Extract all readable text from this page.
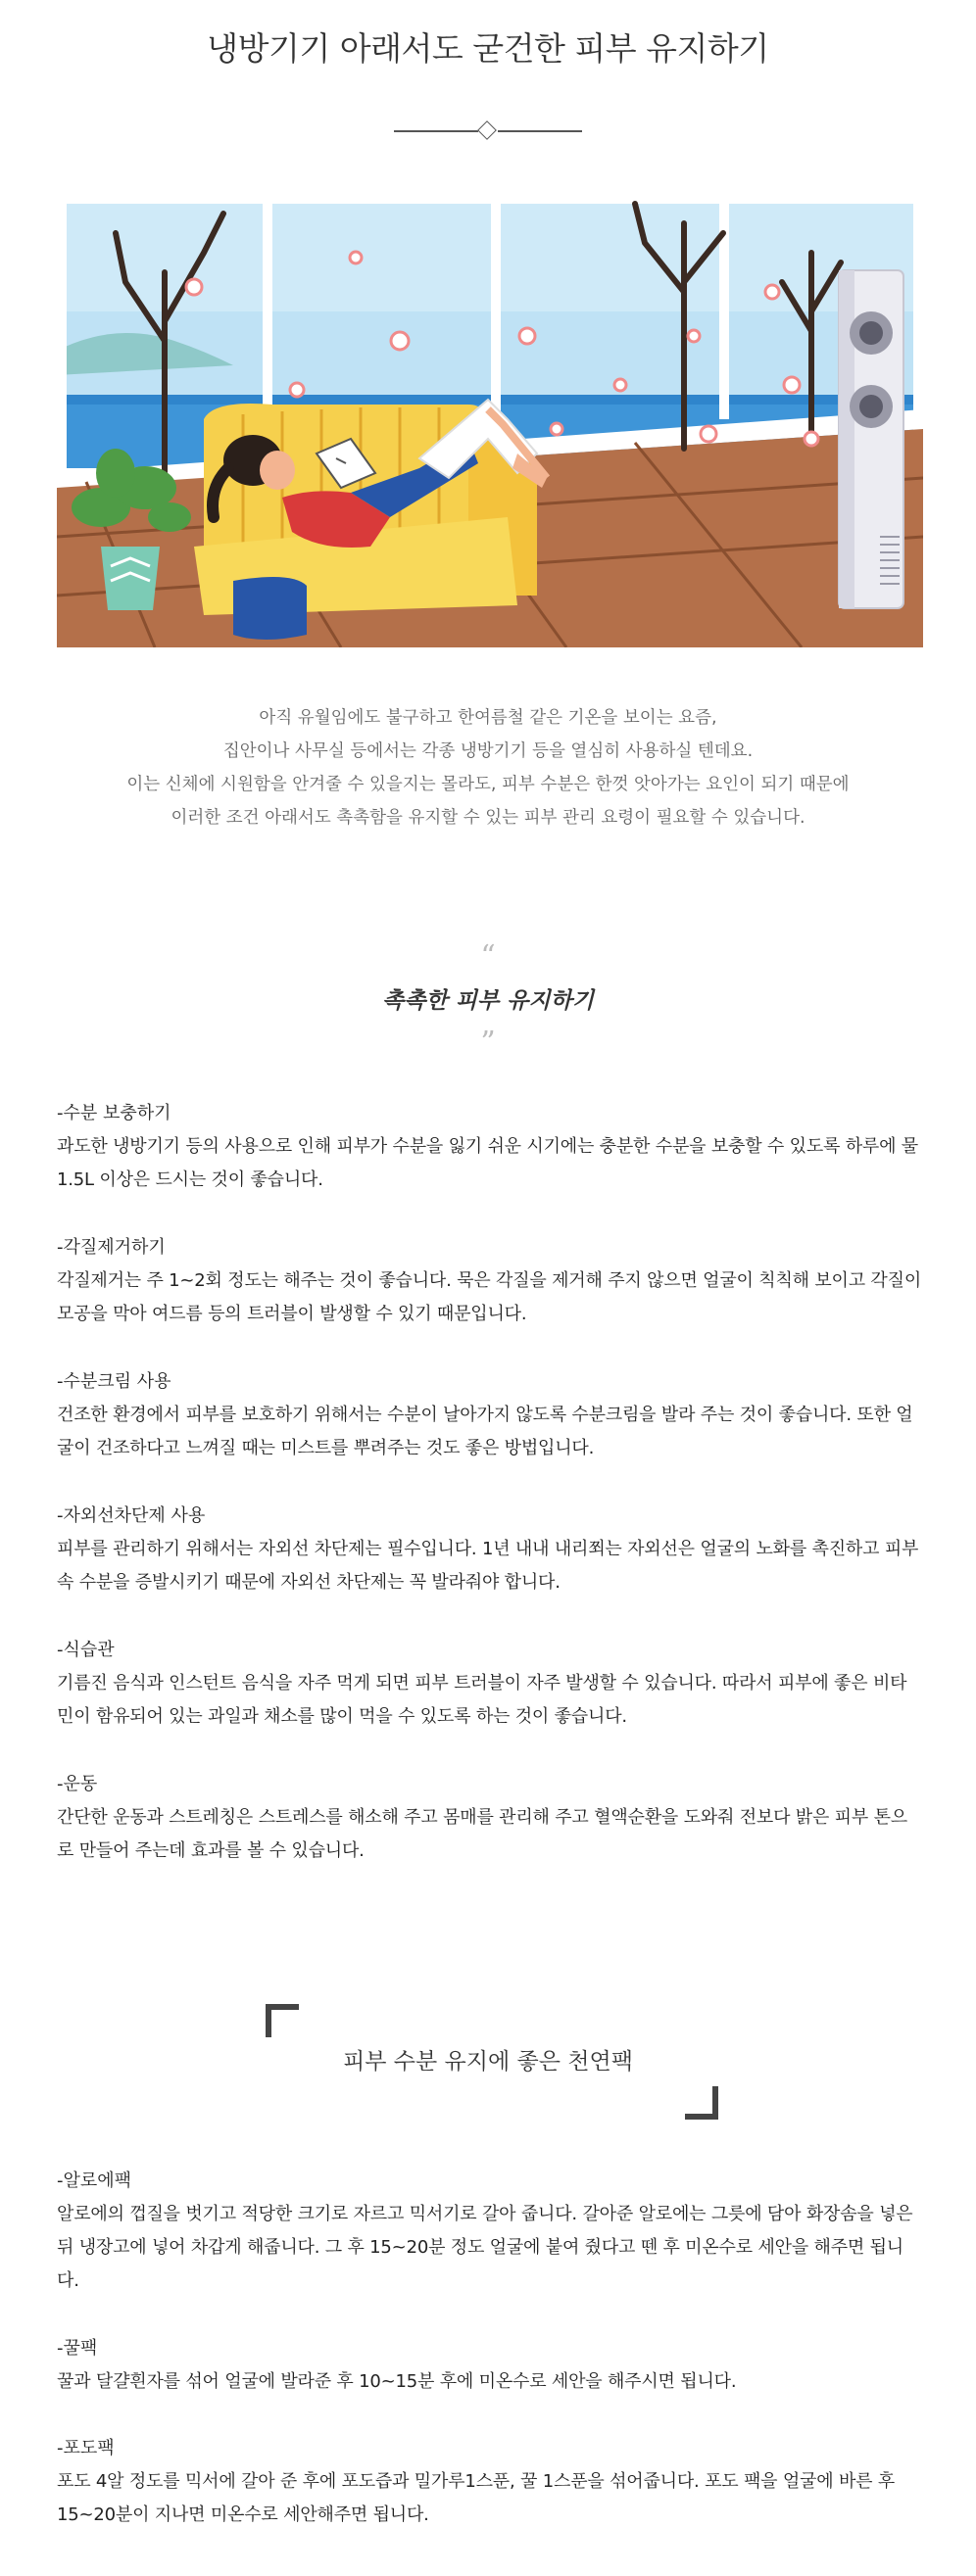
냉방기기 아래서도 굳건한 피부 유지하기

아직 유월임에도 불구하고 한여름철 같은 기온을 보이는 요즘,

집안이나 사무실 등에서는 각종 냉방기기 등을 열심히 사용하실 텐데요.

이는 신체에 시원함을 안겨줄 수 있을지는 몰라도, 피부 수분은 한껏 앗아가는 요인이 되기 때문에

이러한 조건 아래서도 촉촉함을 유지할 수 있는 피부 관리 요령이 필요할 수 있습니다.

“
촉촉한 피부 유지하기
”
-수분 보충하기

과도한 냉방기기 등의 사용으로 인해 피부가 수분을 잃기 쉬운 시기에는 충분한 수분을 보충할 수 있도록 하루에 물 1.5L 이상은 드시는 것이 좋습니다.

-각질제거하기

각질제거는 주 1~2회 정도는 해주는 것이 좋습니다. 묵은 각질을 제거해 주지 않으면 얼굴이 칙칙해 보이고 각질이 모공을 막아 여드름 등의 트러블이 발생할 수 있기 때문입니다.

-수분크림 사용

건조한 환경에서 피부를 보호하기 위해서는 수분이 날아가지 않도록 수분크림을 발라 주는 것이 좋습니다. 또한 얼굴이 건조하다고 느껴질 때는 미스트를 뿌려주는 것도 좋은 방법입니다.

-자외선차단제 사용

피부를 관리하기 위해서는 자외선 차단제는 필수입니다. 1년 내내 내리쬐는 자외선은 얼굴의 노화를 촉진하고 피부 속 수분을 증발시키기 때문에 자외선 차단제는 꼭 발라줘야 합니다.

-식습관

기름진 음식과 인스턴트 음식을 자주 먹게 되면 피부 트러블이 자주 발생할 수 있습니다. 따라서 피부에 좋은 비타민이 함유되어 있는 과일과 채소를 많이 먹을 수 있도록 하는 것이 좋습니다.

-운동

간단한 운동과 스트레칭은 스트레스를 해소해 주고 몸매를 관리해 주고 혈액순환을 도와줘 전보다 밝은 피부 톤으로 만들어 주는데 효과를 볼 수 있습니다.

-알로에팩

알로에의 껍질을 벗기고 적당한 크기로 자르고 믹서기로 갈아 줍니다. 갈아준 알로에는 그릇에 담아 화장솜을 넣은 뒤 냉장고에 넣어 차갑게 해줍니다. 그 후 15~20분 정도 얼굴에 붙여 줬다고 뗀 후 미온수로 세안을 해주면 됩니다.

-꿀팩

꿀과 달걀흰자를 섞어 얼굴에 발라준 후 10~15분 후에 미온수로 세안을 해주시면 됩니다.

-포도팩

포도 4알 정도를 믹서에 갈아 준 후에 포도즙과 밀가루1스푼, 꿀 1스푼을 섞어줍니다. 포도 팩을 얼굴에 바른 후 15~20분이 지나면 미온수로 세안해주면 됩니다.

피부 수분 유지에 좋은 천연팩
